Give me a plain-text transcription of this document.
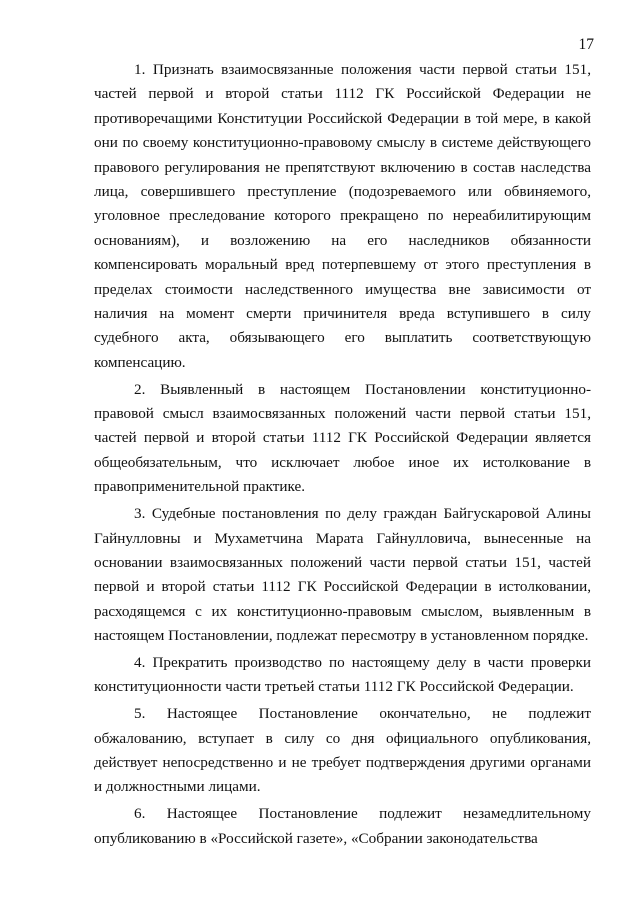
17

1. Признать взаимосвязанные положения части первой статьи 151, частей первой и второй статьи 1112 ГК Российской Федерации не противоречащими Конституции Российской Федерации в той мере, в какой они по своему конституционно-правовому смыслу в системе действующего правового регулирования не препятствуют включению в состав наследства лица, совершившего преступление (подозреваемого или обвиняемого, уголовное преследование которого прекращено по нереабилитирующим основаниям), и возложению на его наследников обязанности компенсировать моральный вред потерпевшему от этого преступления в пределах стоимости наследственного имущества вне зависимости от наличия на момент смерти причинителя вреда вступившего в силу судебного акта, обязывающего его выплатить соответствующую компенсацию.

2. Выявленный в настоящем Постановлении конституционно-правовой смысл взаимосвязанных положений части первой статьи 151, частей первой и второй статьи 1112 ГК Российской Федерации является общеобязательным, что исключает любое иное их истолкование в правоприменительной практике.

3. Судебные постановления по делу граждан Байгускаровой Алины Гайнулловны и Мухаметчина Марата Гайнулловича, вынесенные на основании взаимосвязанных положений части первой статьи 151, частей первой и второй статьи 1112 ГК Российской Федерации в истолковании, расходящемся с их конституционно-правовым смыслом, выявленным в настоящем Постановлении, подлежат пересмотру в установленном порядке.

4. Прекратить производство по настоящему делу в части проверки конституционности части третьей статьи 1112 ГК Российской Федерации.

5. Настоящее Постановление окончательно, не подлежит обжалованию, вступает в силу со дня официального опубликования, действует непосредственно и не требует подтверждения другими органами и должностными лицами.

6. Настоящее Постановление подлежит незамедлительному опубликованию в «Российской газете», «Собрании законодательства
